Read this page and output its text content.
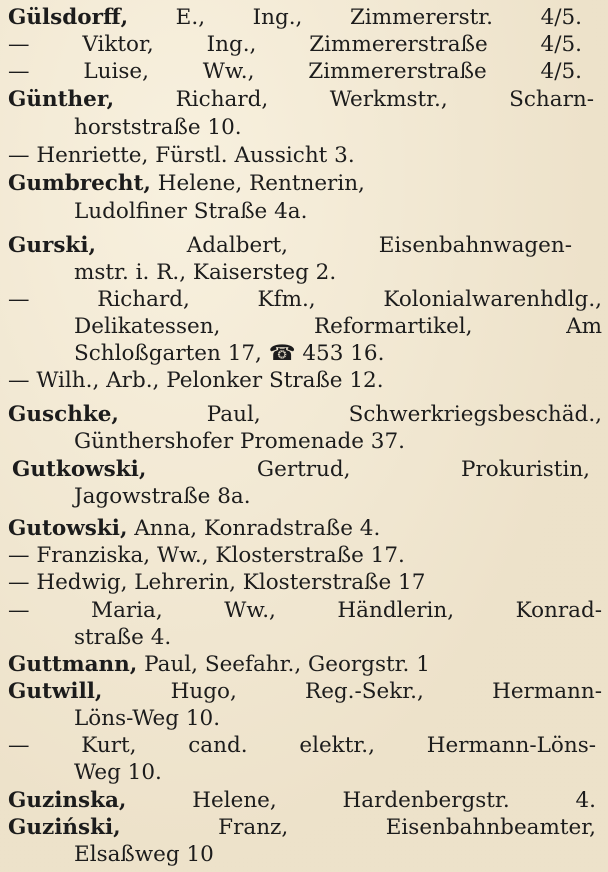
Gülsdorff, E., Ing., Zimmererstr. 4/5.
— Viktor, Ing., Zimmererstraße 4/5.
— Luise, Ww., Zimmererstraße 4/5.
Günther, Richard, Werkmstr., Scharn-
horststraße 10.
— Henriette, Fürstl. Aussicht 3.
Gumbrecht, Helene, Rentnerin,
Ludolfiner Straße 4a.
Gurski, Adalbert, Eisenbahnwagen-
mstr. i. R., Kaisersteg 2.
— Richard, Kfm., Kolonialwarenhdlg.,
Delikatessen, Reformartikel, Am
Schloßgarten 17, ☎ 453 16.
— Wilh., Arb., Pelonker Straße 12.
Guschke, Paul, Schwerkriegsbeschäd.,
Günthershofer Promenade 37.
Gutkowski, Gertrud, Prokuristin,
Jagowstraße 8a.
Gutowski, Anna, Konradstraße 4.
— Franziska, Ww., Klosterstraße 17.
— Hedwig, Lehrerin, Klosterstraße 17
— Maria, Ww., Händlerin, Konrad-
straße 4.
Guttmann, Paul, Seefahr., Georgstr. 1
Gutwill, Hugo, Reg.-Sekr., Hermann-
Löns-Weg 10.
— Kurt, cand. elektr., Hermann-Löns-
Weg 10.
Guzinska, Helene, Hardenbergstr. 4.
Guziński, Franz, Eisenbahnbeamter,
Elsaßweg 10
